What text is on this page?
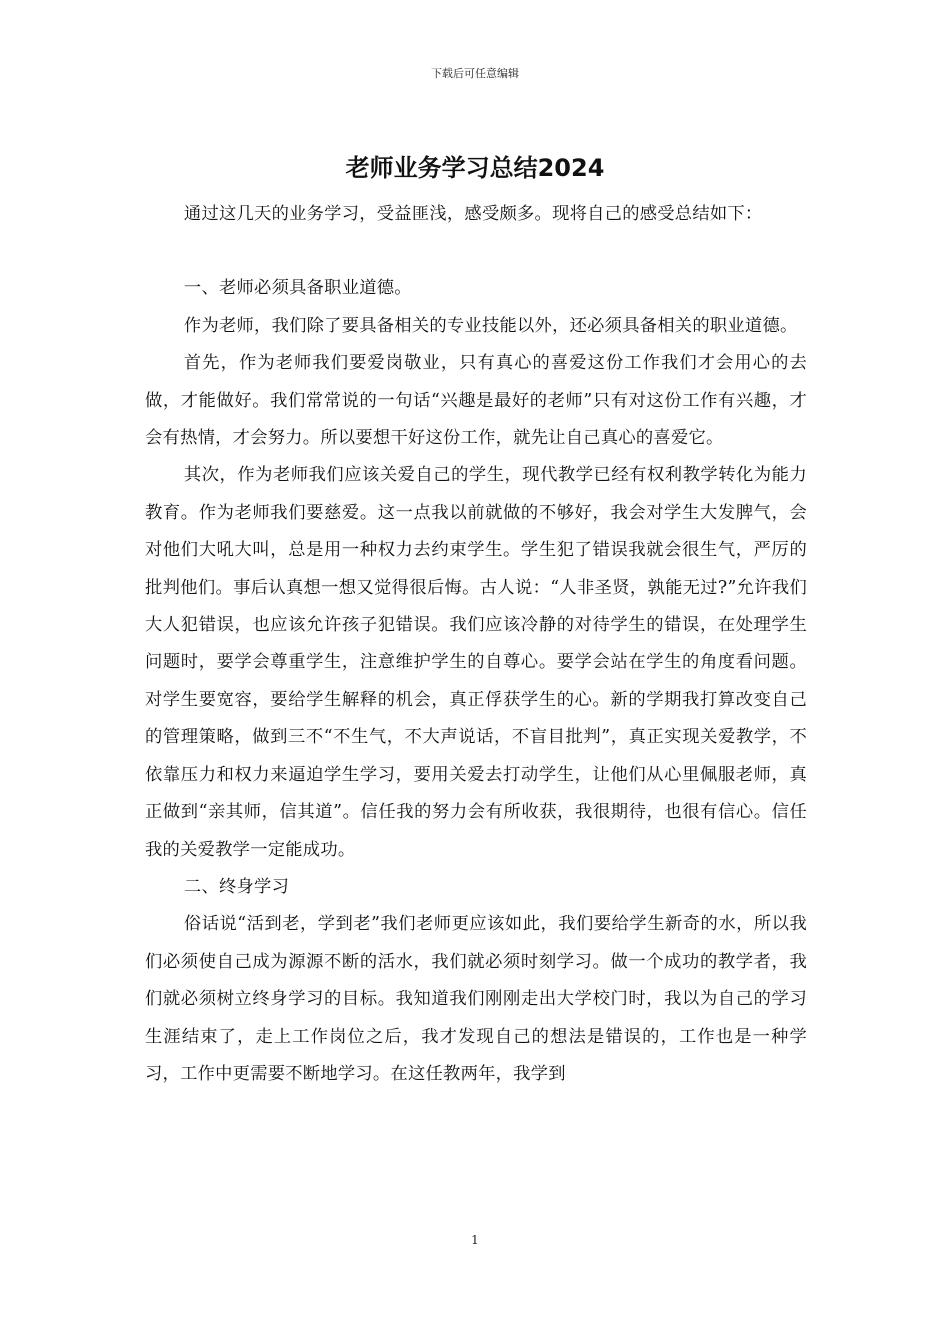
下载后可任意编辑
老师业务学习总结2024

通过这几天的业务学习，受益匪浅，感受颇多。现将自己的感受总结如下：

一、老师必须具备职业道德。

作为老师，我们除了要具备相关的专业技能以外，还必须具备相关的职业道德。

首先，作为老师我们要爱岗敬业，只有真心的喜爱这份工作我们才会用心的去做，才能做好。我们常常说的一句话“兴趣是最好的老师”只有对这份工作有兴趣，才会有热情，才会努力。所以要想干好这份工作，就先让自己真心的喜爱它。

其次，作为老师我们应该关爱自己的学生，现代教学已经有权利教学转化为能力教育。作为老师我们要慈爱。这一点我以前就做的不够好，我会对学生大发脾气，会对他们大吼大叫，总是用一种权力去约束学生。学生犯了错误我就会很生气，严厉的批判他们。事后认真想一想又觉得很后悔。古人说：“人非圣贤，孰能无过?”允许我们大人犯错误，也应该允许孩子犯错误。我们应该冷静的对待学生的错误，在处理学生问题时，要学会尊重学生，注意维护学生的自尊心。要学会站在学生的角度看问题。对学生要宽容，要给学生解释的机会，真正俘获学生的心。新的学期我打算改变自己的管理策略，做到三不“不生气，不大声说话，不盲目批判”，真正实现关爱教学，不依靠压力和权力来逼迫学生学习，要用关爱去打动学生，让他们从心里佩服老师，真正做到“亲其师，信其道”。信任我的努力会有所收获，我很期待，也很有信心。信任我的关爱教学一定能成功。

二、终身学习

俗话说“活到老，学到老”我们老师更应该如此，我们要给学生新奇的水，所以我们必须使自己成为源源不断的活水，我们就必须时刻学习。做一个成功的教学者，我们就必须树立终身学习的目标。我知道我们刚刚走出大学校门时，我以为自己的学习生涯结束了，走上工作岗位之后，我才发现自己的想法是错误的，工作也是一种学习，工作中更需要不断地学习。在这任教两年，我学到

1
